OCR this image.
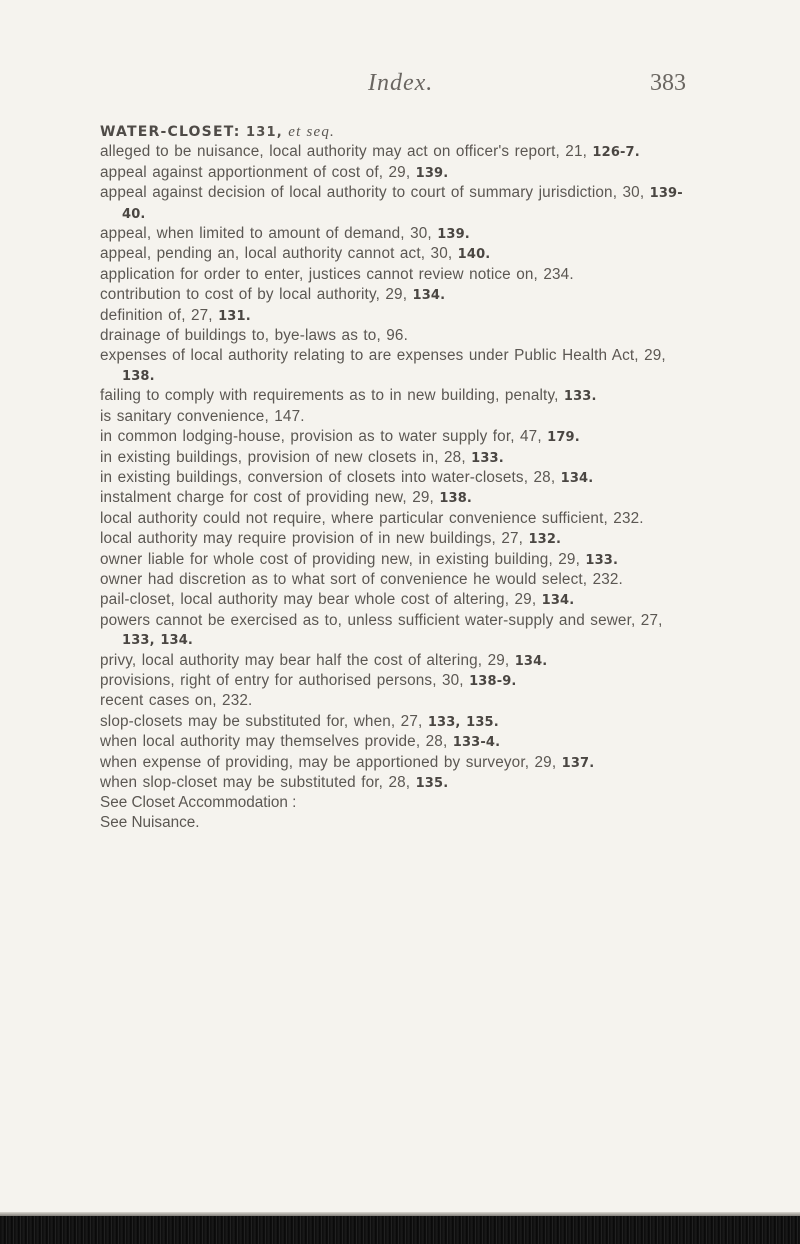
Index.	383

WATER-CLOSET: 131, et seq.

alleged to be nuisance, local authority may act on officer's report, 21, 126-7.
appeal against apportionment of cost of, 29, 139.
appeal against decision of local authority to court of summary jurisdiction, 30, 139-40.
appeal, when limited to amount of demand, 30, 139.
appeal, pending an, local authority cannot act, 30, 140.
application for order to enter, justices cannot review notice on, 234.
contribution to cost of by local authority, 29, 134.
definition of, 27, 131.
drainage of buildings to, bye-laws as to, 96.
expenses of local authority relating to are expenses under Public Health Act, 29, 138.
failing to comply with requirements as to in new building, penalty, 133.
is sanitary convenience, 147.
in common lodging-house, provision as to water supply for, 47, 179.
in existing buildings, provision of new closets in, 28, 133.
in existing buildings, conversion of closets into water-closets, 28, 134.
instalment charge for cost of providing new, 29, 138.
local authority could not require, where particular convenience sufficient, 232.
local authority may require provision of in new buildings, 27, 132.
owner liable for whole cost of providing new, in existing building, 29, 133.
owner had discretion as to what sort of convenience he would select, 232.
pail-closet, local authority may bear whole cost of altering, 29, 134.
powers cannot be exercised as to, unless sufficient water-supply and sewer, 27, 133, 134.
privy, local authority may bear half the cost of altering, 29, 134.
provisions, right of entry for authorised persons, 30, 138-9.
recent cases on, 232.
slop-closets may be substituted for, when, 27, 133, 135.
when local authority may themselves provide, 28, 133-4.
when expense of providing, may be apportioned by surveyor, 29, 137.
when slop-closet may be substituted for, 28, 135.

See Closet Accommodation :

See Nuisance.
